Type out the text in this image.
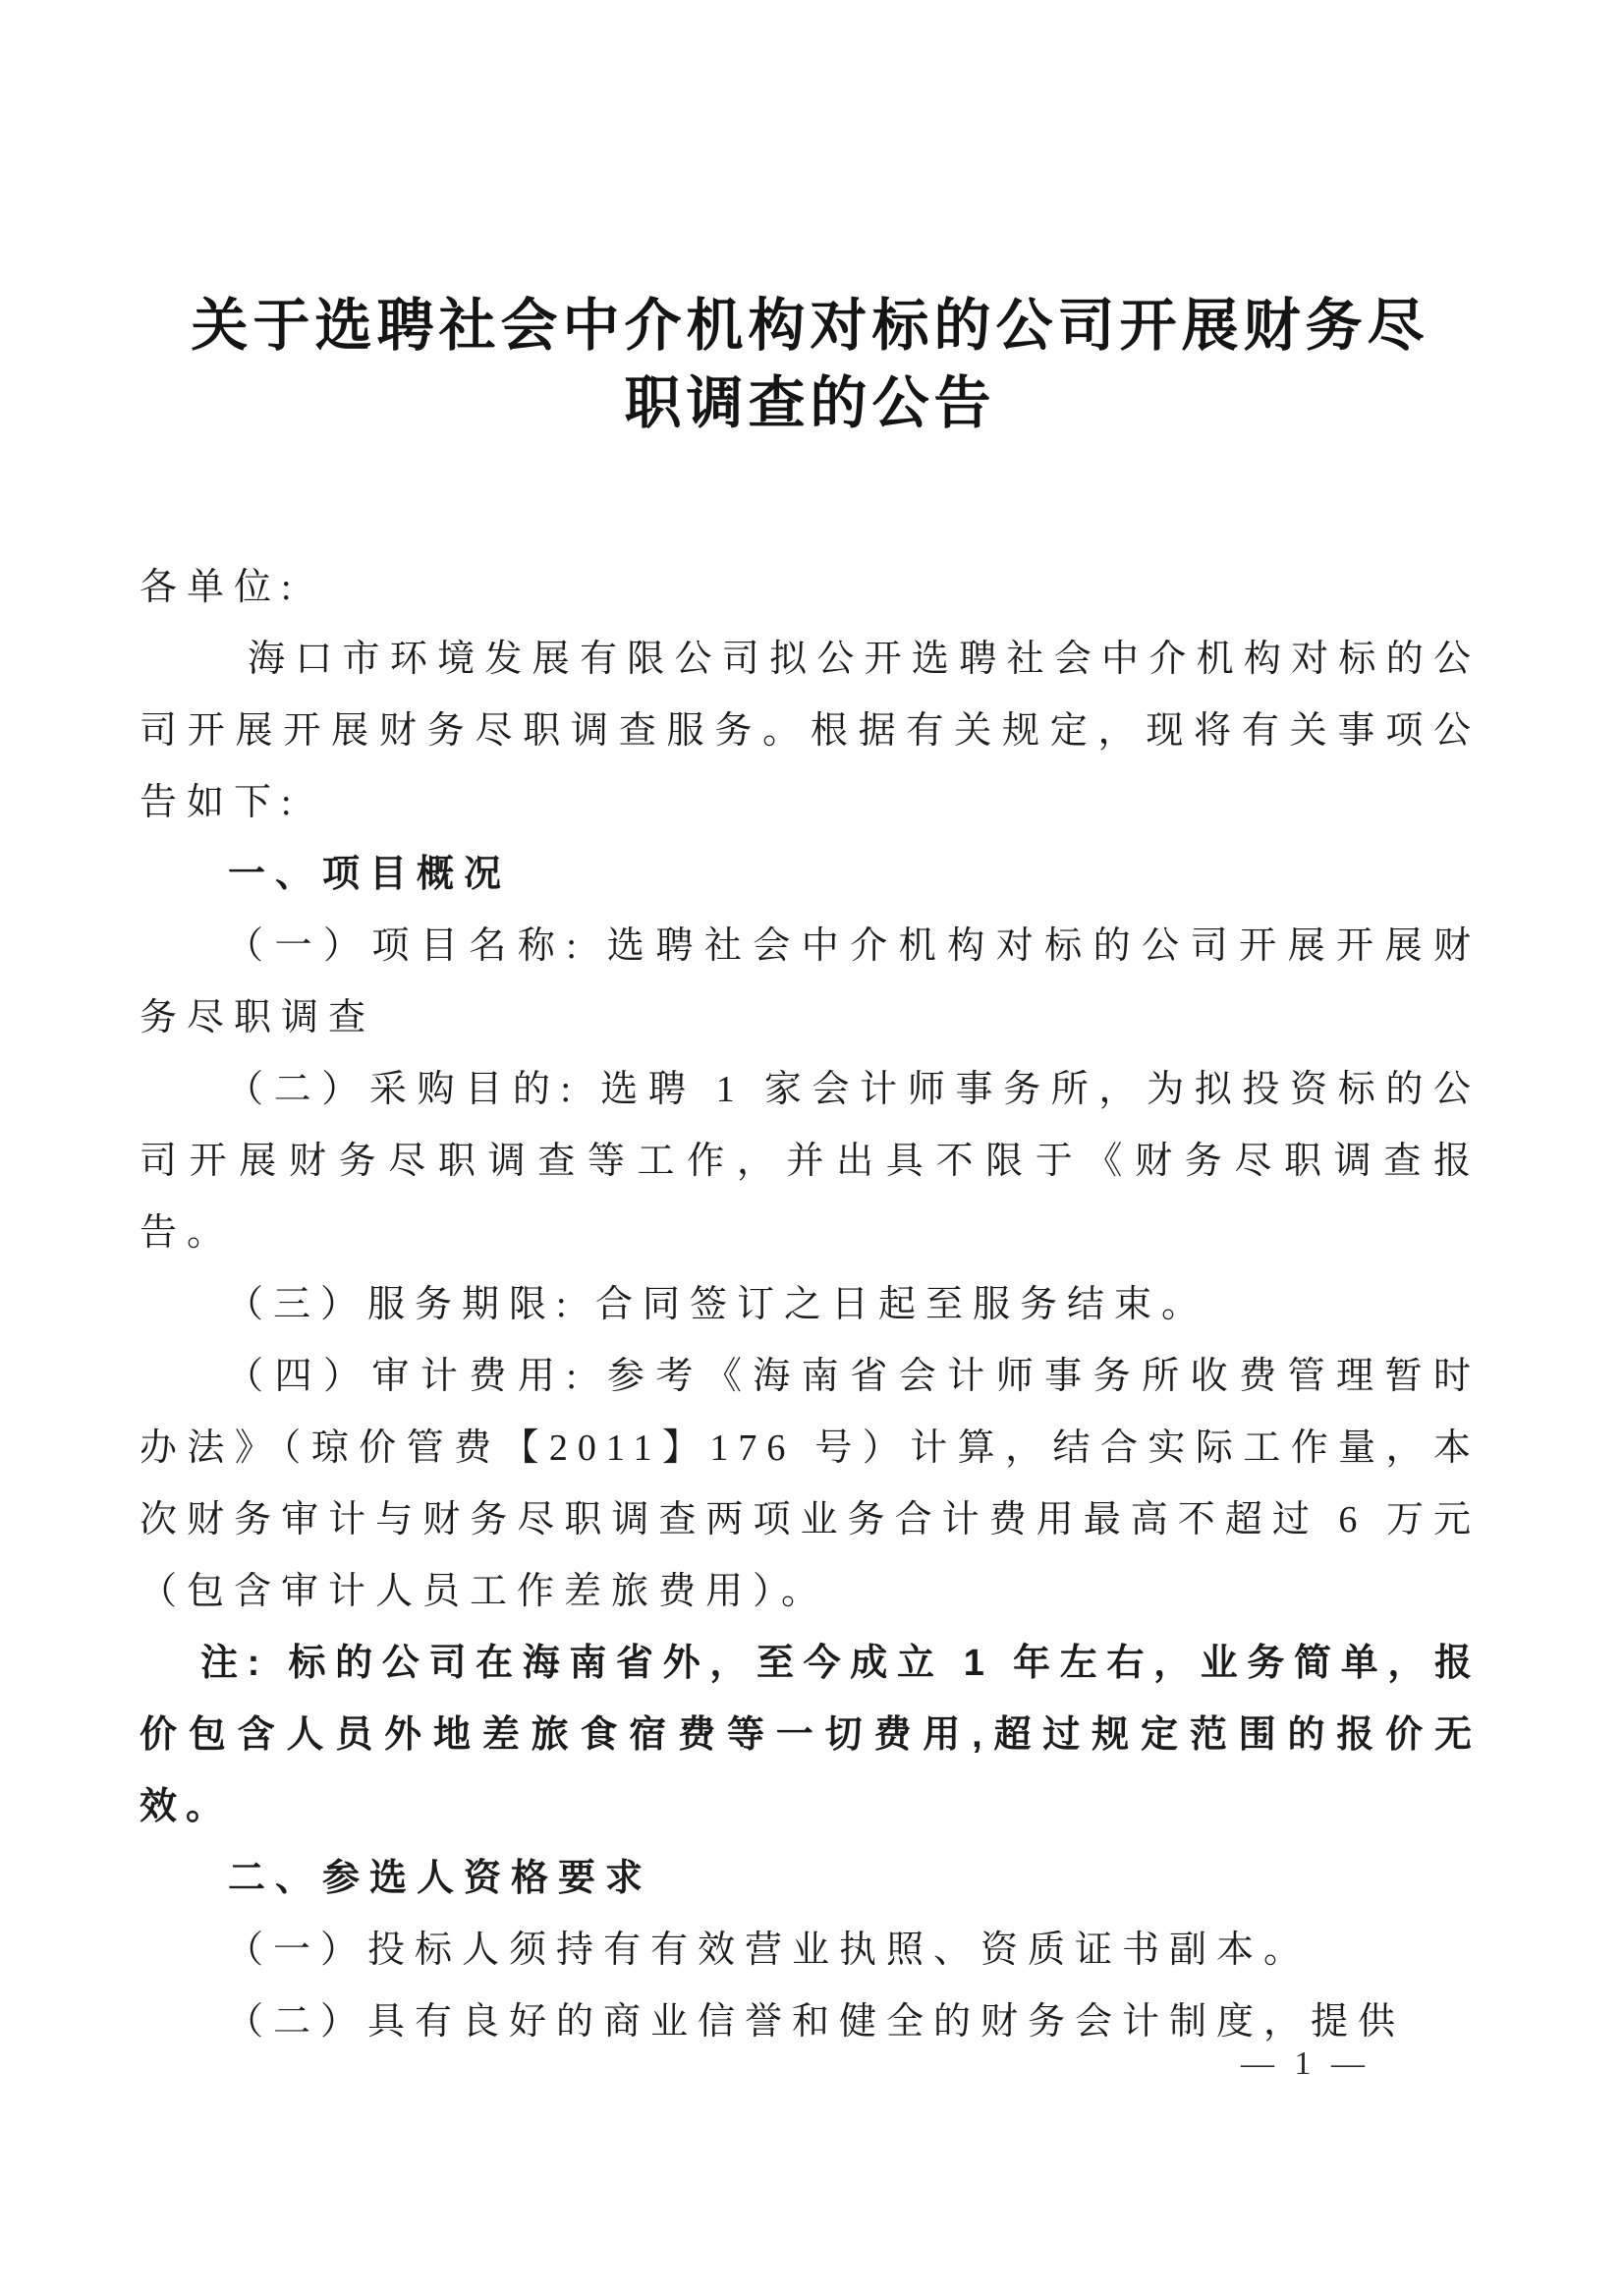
关于选聘社会中介机构对标的公司开展财务尽
职调查的公告

各单位:

海口市环境发展有限公司拟公开选聘社会中介机构对标的公司开展开展财务尽职调查服务。根据有关规定，现将有关事项公告如下:

一、项目概况

（一）项目名称: 选聘社会中介机构对标的公司开展开展财务尽职调查

（二）采购目的: 选聘 1 家会计师事务所，为拟投资标的公司开展财务尽职调查等工作，并出具不限于《财务尽职调查报告。

（三）服务期限: 合同签订之日起至服务结束。

（四）审计费用: 参考《海南省会计师事务所收费管理暂时办法》（琼价管费【2011】176 号）计算，结合实际工作量，本次财务审计与财务尽职调查两项业务合计费用最高不超过 6 万元（包含审计人员工作差旅费用）。

注: 标的公司在海南省外，至今成立 1 年左右，业务简单，报价包含人员外地差旅食宿费等一切费用,超过规定范围的报价无效。

二、参选人资格要求

（一）投标人须持有有效营业执照、资质证书副本。

（二）具有良好的商业信誉和健全的财务会计制度，提供

— 1 —
